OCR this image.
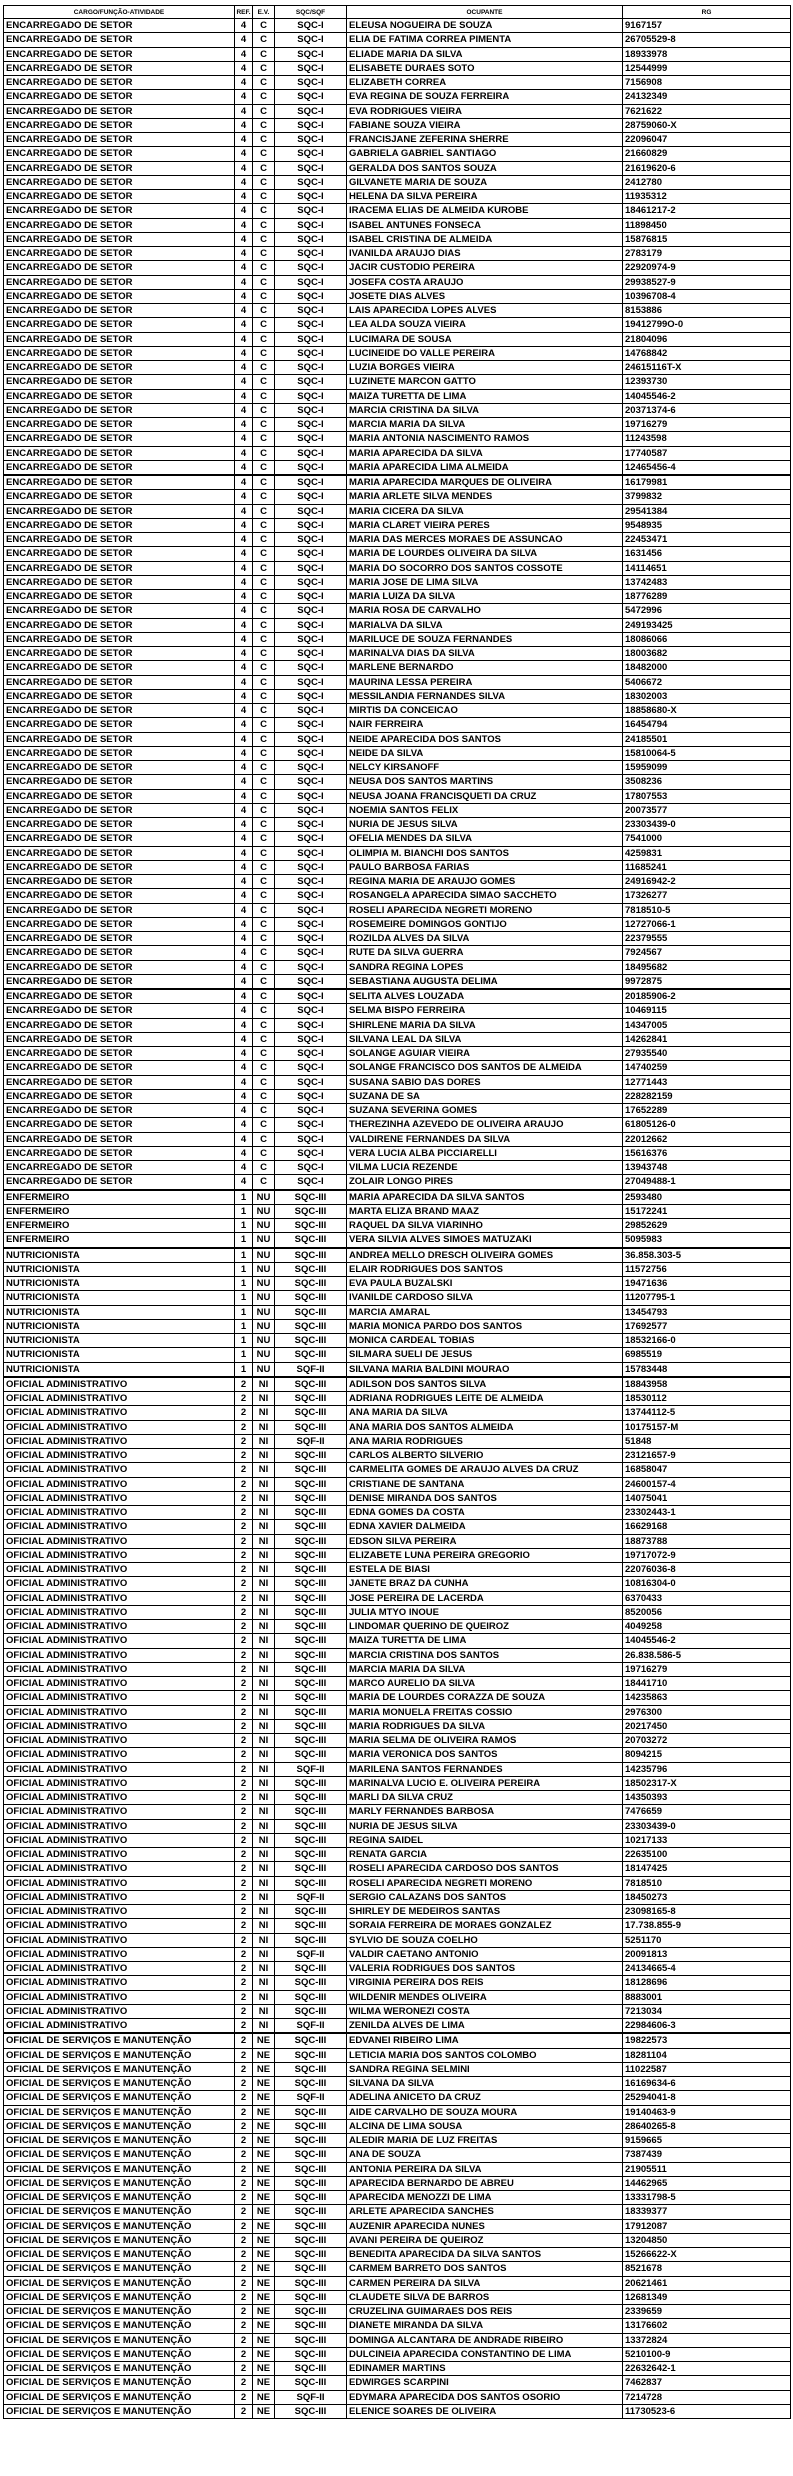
CARGO/FUNÇÃO-ATIVIDADE	REF.	E.V.	SQC/SQF	OCUPANTE	RG
ENCARREGADO DE SETOR	4	C	SQC-I	ELEUSA NOGUEIRA DE SOUZA	9167157
ENCARREGADO DE SETOR	4	C	SQC-I	ELIA DE FATIMA CORREA PIMENTA	26705529-8
ENCARREGADO DE SETOR	4	C	SQC-I	ELIADE MARIA DA SILVA	18933978
ENCARREGADO DE SETOR	4	C	SQC-I	ELISABETE DURAES SOTO	12544999
ENCARREGADO DE SETOR	4	C	SQC-I	ELIZABETH CORREA	7156908
ENCARREGADO DE SETOR	4	C	SQC-I	EVA REGINA DE SOUZA FERREIRA	24132349
ENCARREGADO DE SETOR	4	C	SQC-I	EVA RODRIGUES VIEIRA	7621622
ENCARREGADO DE SETOR	4	C	SQC-I	FABIANE SOUZA VIEIRA	28759060-X
ENCARREGADO DE SETOR	4	C	SQC-I	FRANCISJANE ZEFERINA SHERRE	22096047
ENCARREGADO DE SETOR	4	C	SQC-I	GABRIELA GABRIEL SANTIAGO	21660829
ENCARREGADO DE SETOR	4	C	SQC-I	GERALDA DOS SANTOS SOUZA	21619620-6
ENCARREGADO DE SETOR	4	C	SQC-I	GILVANETE MARIA DE SOUZA	2412780
ENCARREGADO DE SETOR	4	C	SQC-I	HELENA DA SILVA PEREIRA	11935312
ENCARREGADO DE SETOR	4	C	SQC-I	IRACEMA ELIAS DE ALMEIDA KUROBE	18461217-2
ENCARREGADO DE SETOR	4	C	SQC-I	ISABEL ANTUNES FONSECA	11898450
ENCARREGADO DE SETOR	4	C	SQC-I	ISABEL CRISTINA DE ALMEIDA	15876815
ENCARREGADO DE SETOR	4	C	SQC-I	IVANILDA ARAUJO DIAS	2783179
ENCARREGADO DE SETOR	4	C	SQC-I	JACIR CUSTODIO PEREIRA	22920974-9
ENCARREGADO DE SETOR	4	C	SQC-I	JOSEFA COSTA ARAUJO	29938527-9
ENCARREGADO DE SETOR	4	C	SQC-I	JOSETE DIAS ALVES	10396708-4
ENCARREGADO DE SETOR	4	C	SQC-I	LAIS APARECIDA LOPES ALVES	8153886
ENCARREGADO DE SETOR	4	C	SQC-I	LEA ALDA SOUZA VIEIRA	19412799O-0
ENCARREGADO DE SETOR	4	C	SQC-I	LUCIMARA DE SOUSA	21804096
ENCARREGADO DE SETOR	4	C	SQC-I	LUCINEIDE DO VALLE PEREIRA	14768842
ENCARREGADO DE SETOR	4	C	SQC-I	LUZIA BORGES VIEIRA	24615116T-X
ENCARREGADO DE SETOR	4	C	SQC-I	LUZINETE MARCON GATTO	12393730
ENCARREGADO DE SETOR	4	C	SQC-I	MAIZA TURETTA DE LIMA	14045546-2
ENCARREGADO DE SETOR	4	C	SQC-I	MARCIA CRISTINA DA SILVA	20371374-6
ENCARREGADO DE SETOR	4	C	SQC-I	MARCIA MARIA DA SILVA	19716279
ENCARREGADO DE SETOR	4	C	SQC-I	MARIA ANTONIA NASCIMENTO RAMOS	11243598
ENCARREGADO DE SETOR	4	C	SQC-I	MARIA APARECIDA DA SILVA	17740587
ENCARREGADO DE SETOR	4	C	SQC-I	MARIA APARECIDA LIMA ALMEIDA	12465456-4
ENCARREGADO DE SETOR	4	C	SQC-I	MARIA APARECIDA MARQUES DE OLIVEIRA	16179981
ENCARREGADO DE SETOR	4	C	SQC-I	MARIA ARLETE SILVA MENDES	3799832
ENCARREGADO DE SETOR	4	C	SQC-I	MARIA CICERA DA SILVA	29541384
ENCARREGADO DE SETOR	4	C	SQC-I	MARIA CLARET VIEIRA PERES	9548935
ENCARREGADO DE SETOR	4	C	SQC-I	MARIA DAS MERCES MORAES DE ASSUNCAO	22453471
ENCARREGADO DE SETOR	4	C	SQC-I	MARIA DE LOURDES OLIVEIRA DA SILVA	1631456
ENCARREGADO DE SETOR	4	C	SQC-I	MARIA DO SOCORRO DOS SANTOS COSSOTE	14114651
ENCARREGADO DE SETOR	4	C	SQC-I	MARIA JOSE DE LIMA SILVA	13742483
ENCARREGADO DE SETOR	4	C	SQC-I	MARIA LUIZA DA SILVA	18776289
ENCARREGADO DE SETOR	4	C	SQC-I	MARIA ROSA DE CARVALHO	5472996
ENCARREGADO DE SETOR	4	C	SQC-I	MARIALVA DA SILVA	249193425
ENCARREGADO DE SETOR	4	C	SQC-I	MARILUCE DE SOUZA FERNANDES	18086066
ENCARREGADO DE SETOR	4	C	SQC-I	MARINALVA DIAS DA SILVA	18003682
ENCARREGADO DE SETOR	4	C	SQC-I	MARLENE BERNARDO	18482000
ENCARREGADO DE SETOR	4	C	SQC-I	MAURINA LESSA PEREIRA	5406672
ENCARREGADO DE SETOR	4	C	SQC-I	MESSILANDIA FERNANDES SILVA	18302003
ENCARREGADO DE SETOR	4	C	SQC-I	MIRTIS DA CONCEICAO	18858680-X
ENCARREGADO DE SETOR	4	C	SQC-I	NAIR FERREIRA	16454794
ENCARREGADO DE SETOR	4	C	SQC-I	NEIDE APARECIDA DOS SANTOS	24185501
ENCARREGADO DE SETOR	4	C	SQC-I	NEIDE DA SILVA	15810064-5
ENCARREGADO DE SETOR	4	C	SQC-I	NELCY KIRSANOFF	15959099
ENCARREGADO DE SETOR	4	C	SQC-I	NEUSA DOS SANTOS MARTINS	3508236
ENCARREGADO DE SETOR	4	C	SQC-I	NEUSA JOANA FRANCISQUETI DA CRUZ	17807553
ENCARREGADO DE SETOR	4	C	SQC-I	NOEMIA SANTOS FELIX	20073577
ENCARREGADO DE SETOR	4	C	SQC-I	NURIA DE JESUS SILVA	23303439-0
ENCARREGADO DE SETOR	4	C	SQC-I	OFELIA MENDES DA SILVA	7541000
ENCARREGADO DE SETOR	4	C	SQC-I	OLIMPIA M. BIANCHI DOS SANTOS	4259831
ENCARREGADO DE SETOR	4	C	SQC-I	PAULO BARBOSA FARIAS	11685241
ENCARREGADO DE SETOR	4	C	SQC-I	REGINA MARIA DE ARAUJO GOMES	24916942-2
ENCARREGADO DE SETOR	4	C	SQC-I	ROSANGELA APARECIDA SIMAO SACCHETO	17326277
ENCARREGADO DE SETOR	4	C	SQC-I	ROSELI APARECIDA NEGRETI MORENO	7818510-5
ENCARREGADO DE SETOR	4	C	SQC-I	ROSEMEIRE DOMINGOS GONTIJO	12727066-1
ENCARREGADO DE SETOR	4	C	SQC-I	ROZILDA ALVES DA SILVA	22379555
ENCARREGADO DE SETOR	4	C	SQC-I	RUTE DA SILVA GUERRA	7924567
ENCARREGADO DE SETOR	4	C	SQC-I	SANDRA REGINA LOPES	18495682
ENCARREGADO DE SETOR	4	C	SQC-I	SEBASTIANA AUGUSTA DELIMA	9972875
ENCARREGADO DE SETOR	4	C	SQC-I	SELITA ALVES LOUZADA	20185906-2
ENCARREGADO DE SETOR	4	C	SQC-I	SELMA BISPO FERREIRA	10469115
ENCARREGADO DE SETOR	4	C	SQC-I	SHIRLENE MARIA DA SILVA	14347005
ENCARREGADO DE SETOR	4	C	SQC-I	SILVANA LEAL DA SILVA	14262841
ENCARREGADO DE SETOR	4	C	SQC-I	SOLANGE AGUIAR VIEIRA	27935540
ENCARREGADO DE SETOR	4	C	SQC-I	SOLANGE FRANCISCO DOS SANTOS DE ALMEIDA	14740259
ENCARREGADO DE SETOR	4	C	SQC-I	SUSANA SABIO DAS DORES	12771443
ENCARREGADO DE SETOR	4	C	SQC-I	SUZANA DE SA	228282159
ENCARREGADO DE SETOR	4	C	SQC-I	SUZANA SEVERINA GOMES	17652289
ENCARREGADO DE SETOR	4	C	SQC-I	THEREZINHA AZEVEDO DE OLIVEIRA ARAUJO	61805126-0
ENCARREGADO DE SETOR	4	C	SQC-I	VALDIRENE FERNANDES DA SILVA	22012662
ENCARREGADO DE SETOR	4	C	SQC-I	VERA LUCIA ALBA PICCIARELLI	15616376
ENCARREGADO DE SETOR	4	C	SQC-I	VILMA LUCIA REZENDE	13943748
ENCARREGADO DE SETOR	4	C	SQC-I	ZOLAIR LONGO PIRES	27049488-1
ENFERMEIRO	1	NU	SQC-III	MARIA APARECIDA DA SILVA SANTOS	2593480
ENFERMEIRO	1	NU	SQC-III	MARTA ELIZA BRAND MAAZ	15172241
ENFERMEIRO	1	NU	SQC-III	RAQUEL DA SILVA VIARINHO	29852629
ENFERMEIRO	1	NU	SQC-III	VERA SILVIA ALVES SIMOES MATUZAKI	5095983
NUTRICIONISTA	1	NU	SQC-III	ANDREA MELLO DRESCH OLIVEIRA GOMES	36.858.303-5
NUTRICIONISTA	1	NU	SQC-III	ELAIR RODRIGUES DOS SANTOS	11572756
NUTRICIONISTA	1	NU	SQC-III	EVA PAULA BUZALSKI	19471636
NUTRICIONISTA	1	NU	SQC-III	IVANILDE CARDOSO SILVA	11207795-1
NUTRICIONISTA	1	NU	SQC-III	MARCIA AMARAL	13454793
NUTRICIONISTA	1	NU	SQC-III	MARIA MONICA PARDO DOS SANTOS	17692577
NUTRICIONISTA	1	NU	SQC-III	MONICA CARDEAL TOBIAS	18532166-0
NUTRICIONISTA	1	NU	SQC-III	SILMARA SUELI DE JESUS	6985519
NUTRICIONISTA	1	NU	SQF-II	SILVANA MARIA BALDINI MOURAO	15783448
OFICIAL ADMINISTRATIVO	2	NI	SQC-III	ADILSON DOS SANTOS SILVA	18843958
OFICIAL ADMINISTRATIVO	2	NI	SQC-III	ADRIANA RODRIGUES LEITE DE ALMEIDA	18530112
OFICIAL ADMINISTRATIVO	2	NI	SQC-III	ANA MARIA DA SILVA	13744112-5
OFICIAL ADMINISTRATIVO	2	NI	SQC-III	ANA MARIA DOS SANTOS ALMEIDA	10175157-M
OFICIAL ADMINISTRATIVO	2	NI	SQF-II	ANA MARIA RODRIGUES	51848
OFICIAL ADMINISTRATIVO	2	NI	SQC-III	CARLOS ALBERTO SILVERIO	23121657-9
OFICIAL ADMINISTRATIVO	2	NI	SQC-III	CARMELITA GOMES DE ARAUJO ALVES DA CRUZ	16858047
OFICIAL ADMINISTRATIVO	2	NI	SQC-III	CRISTIANE DE SANTANA	24600157-4
OFICIAL ADMINISTRATIVO	2	NI	SQC-III	DENISE MIRANDA DOS SANTOS	14075041
OFICIAL ADMINISTRATIVO	2	NI	SQC-III	EDNA GOMES DA COSTA	23302443-1
OFICIAL ADMINISTRATIVO	2	NI	SQC-III	EDNA XAVIER DALMEIDA	16629168
OFICIAL ADMINISTRATIVO	2	NI	SQC-III	EDSON SILVA PEREIRA	18873788
OFICIAL ADMINISTRATIVO	2	NI	SQC-III	ELIZABETE LUNA PEREIRA GREGORIO	19717072-9
OFICIAL ADMINISTRATIVO	2	NI	SQC-III	ESTELA DE BIASI	22076036-8
OFICIAL ADMINISTRATIVO	2	NI	SQC-III	JANETE BRAZ DA CUNHA	10816304-0
OFICIAL ADMINISTRATIVO	2	NI	SQC-III	JOSE PEREIRA DE LACERDA	6370433
OFICIAL ADMINISTRATIVO	2	NI	SQC-III	JULIA MTYO INOUE	8520056
OFICIAL ADMINISTRATIVO	2	NI	SQC-III	LINDOMAR QUERINO DE QUEIROZ	4049258
OFICIAL ADMINISTRATIVO	2	NI	SQC-III	MAIZA TURETTA DE LIMA	14045546-2
OFICIAL ADMINISTRATIVO	2	NI	SQC-III	MARCIA CRISTINA DOS SANTOS	26.838.586-5
OFICIAL ADMINISTRATIVO	2	NI	SQC-III	MARCIA MARIA DA SILVA	19716279
OFICIAL ADMINISTRATIVO	2	NI	SQC-III	MARCO AURELIO DA SILVA	18441710
OFICIAL ADMINISTRATIVO	2	NI	SQC-III	MARIA DE LOURDES CORAZZA DE SOUZA	14235863
OFICIAL ADMINISTRATIVO	2	NI	SQC-III	MARIA MONUELA FREITAS COSSIO	2976300
OFICIAL ADMINISTRATIVO	2	NI	SQC-III	MARIA RODRIGUES DA SILVA	20217450
OFICIAL ADMINISTRATIVO	2	NI	SQC-III	MARIA SELMA DE OLIVEIRA RAMOS	20703272
OFICIAL ADMINISTRATIVO	2	NI	SQC-III	MARIA VERONICA DOS SANTOS	8094215
OFICIAL ADMINISTRATIVO	2	NI	SQF-II	MARILENA SANTOS FERNANDES	14235796
OFICIAL ADMINISTRATIVO	2	NI	SQC-III	MARINALVA LUCIO E. OLIVEIRA PEREIRA	18502317-X
OFICIAL ADMINISTRATIVO	2	NI	SQC-III	MARLI DA SILVA CRUZ	14350393
OFICIAL ADMINISTRATIVO	2	NI	SQC-III	MARLY FERNANDES BARBOSA	7476659
OFICIAL ADMINISTRATIVO	2	NI	SQC-III	NURIA DE JESUS SILVA	23303439-0
OFICIAL ADMINISTRATIVO	2	NI	SQC-III	REGINA SAIDEL	10217133
OFICIAL ADMINISTRATIVO	2	NI	SQC-III	RENATA GARCIA	22635100
OFICIAL ADMINISTRATIVO	2	NI	SQC-III	ROSELI APARECIDA CARDOSO DOS SANTOS	18147425
OFICIAL ADMINISTRATIVO	2	NI	SQC-III	ROSELI APARECIDA NEGRETI MORENO	7818510
OFICIAL ADMINISTRATIVO	2	NI	SQF-II	SERGIO CALAZANS DOS SANTOS	18450273
OFICIAL ADMINISTRATIVO	2	NI	SQC-III	SHIRLEY DE MEDEIROS SANTAS	23098165-8
OFICIAL ADMINISTRATIVO	2	NI	SQC-III	SORAIA FERREIRA DE MORAES GONZALEZ	17.738.855-9
OFICIAL ADMINISTRATIVO	2	NI	SQC-III	SYLVIO DE SOUZA COELHO	5251170
OFICIAL ADMINISTRATIVO	2	NI	SQF-II	VALDIR CAETANO ANTONIO	20091813
OFICIAL ADMINISTRATIVO	2	NI	SQC-III	VALERIA RODRIGUES DOS SANTOS	24134665-4
OFICIAL ADMINISTRATIVO	2	NI	SQC-III	VIRGINIA PEREIRA DOS REIS	18128696
OFICIAL ADMINISTRATIVO	2	NI	SQC-III	WILDENIR MENDES OLIVEIRA	8883001
OFICIAL ADMINISTRATIVO	2	NI	SQC-III	WILMA WERONEZI COSTA	7213034
OFICIAL ADMINISTRATIVO	2	NI	SQF-II	ZENILDA ALVES DE LIMA	22984606-3
OFICIAL DE SERVIÇOS E MANUTENÇÃO	2	NE	SQC-III	EDVANEI RIBEIRO LIMA	19822573
OFICIAL DE SERVIÇOS E MANUTENÇÃO	2	NE	SQC-III	LETICIA MARIA DOS SANTOS COLOMBO	18281104
OFICIAL DE SERVIÇOS E MANUTENÇÃO	2	NE	SQC-III	SANDRA REGINA SELMINI	11022587
OFICIAL DE SERVIÇOS E MANUTENÇÃO	2	NE	SQC-III	SILVANA DA SILVA	16169634-6
OFICIAL DE SERVIÇOS E MANUTENÇÃO	2	NE	SQF-II	ADELINA ANICETO DA CRUZ	25294041-8
OFICIAL DE SERVIÇOS E MANUTENÇÃO	2	NE	SQC-III	AIDE CARVALHO DE SOUZA MOURA	19140463-9
OFICIAL DE SERVIÇOS E MANUTENÇÃO	2	NE	SQC-III	ALCINA DE LIMA SOUSA	28640265-8
OFICIAL DE SERVIÇOS E MANUTENÇÃO	2	NE	SQC-III	ALEDIR MARIA DE LUZ FREITAS	9159665
OFICIAL DE SERVIÇOS E MANUTENÇÃO	2	NE	SQC-III	ANA DE SOUZA	7387439
OFICIAL DE SERVIÇOS E MANUTENÇÃO	2	NE	SQC-III	ANTONIA PEREIRA DA SILVA	21905511
OFICIAL DE SERVIÇOS E MANUTENÇÃO	2	NE	SQC-III	APARECIDA BERNARDO DE ABREU	14462965
OFICIAL DE SERVIÇOS E MANUTENÇÃO	2	NE	SQC-III	APARECIDA MENOZZI DE LIMA	13331798-5
OFICIAL DE SERVIÇOS E MANUTENÇÃO	2	NE	SQC-III	ARLETE APARECIDA SANCHES	18339377
OFICIAL DE SERVIÇOS E MANUTENÇÃO	2	NE	SQC-III	AUZENIR APARECIDA NUNES	17912087
OFICIAL DE SERVIÇOS E MANUTENÇÃO	2	NE	SQC-III	AVANI PEREIRA DE QUEIROZ	13204850
OFICIAL DE SERVIÇOS E MANUTENÇÃO	2	NE	SQC-III	BENEDITA APARECIDA DA SILVA SANTOS	15266622-X
OFICIAL DE SERVIÇOS E MANUTENÇÃO	2	NE	SQC-III	CARMEM BARRETO DOS SANTOS	8521678
OFICIAL DE SERVIÇOS E MANUTENÇÃO	2	NE	SQC-III	CARMEN PEREIRA DA SILVA	20621461
OFICIAL DE SERVIÇOS E MANUTENÇÃO	2	NE	SQC-III	CLAUDETE SILVA DE BARROS	12681349
OFICIAL DE SERVIÇOS E MANUTENÇÃO	2	NE	SQC-III	CRUZELINA GUIMARAES DOS REIS	2339659
OFICIAL DE SERVIÇOS E MANUTENÇÃO	2	NE	SQC-III	DIANETE MIRANDA DA SILVA	13176602
OFICIAL DE SERVIÇOS E MANUTENÇÃO	2	NE	SQC-III	DOMINGA ALCANTARA DE ANDRADE RIBEIRO	13372824
OFICIAL DE SERVIÇOS E MANUTENÇÃO	2	NE	SQC-III	DULCINEIA APARECIDA CONSTANTINO DE LIMA	5210100-9
OFICIAL DE SERVIÇOS E MANUTENÇÃO	2	NE	SQC-III	EDINAMER MARTINS	22632642-1
OFICIAL DE SERVIÇOS E MANUTENÇÃO	2	NE	SQC-III	EDWIRGES SCARPINI	7462837
OFICIAL DE SERVIÇOS E MANUTENÇÃO	2	NE	SQF-II	EDYMARA APARECIDA DOS SANTOS OSORIO	7214728
OFICIAL DE SERVIÇOS E MANUTENÇÃO	2	NE	SQC-III	ELENICE SOARES DE OLIVEIRA	11730523-6
